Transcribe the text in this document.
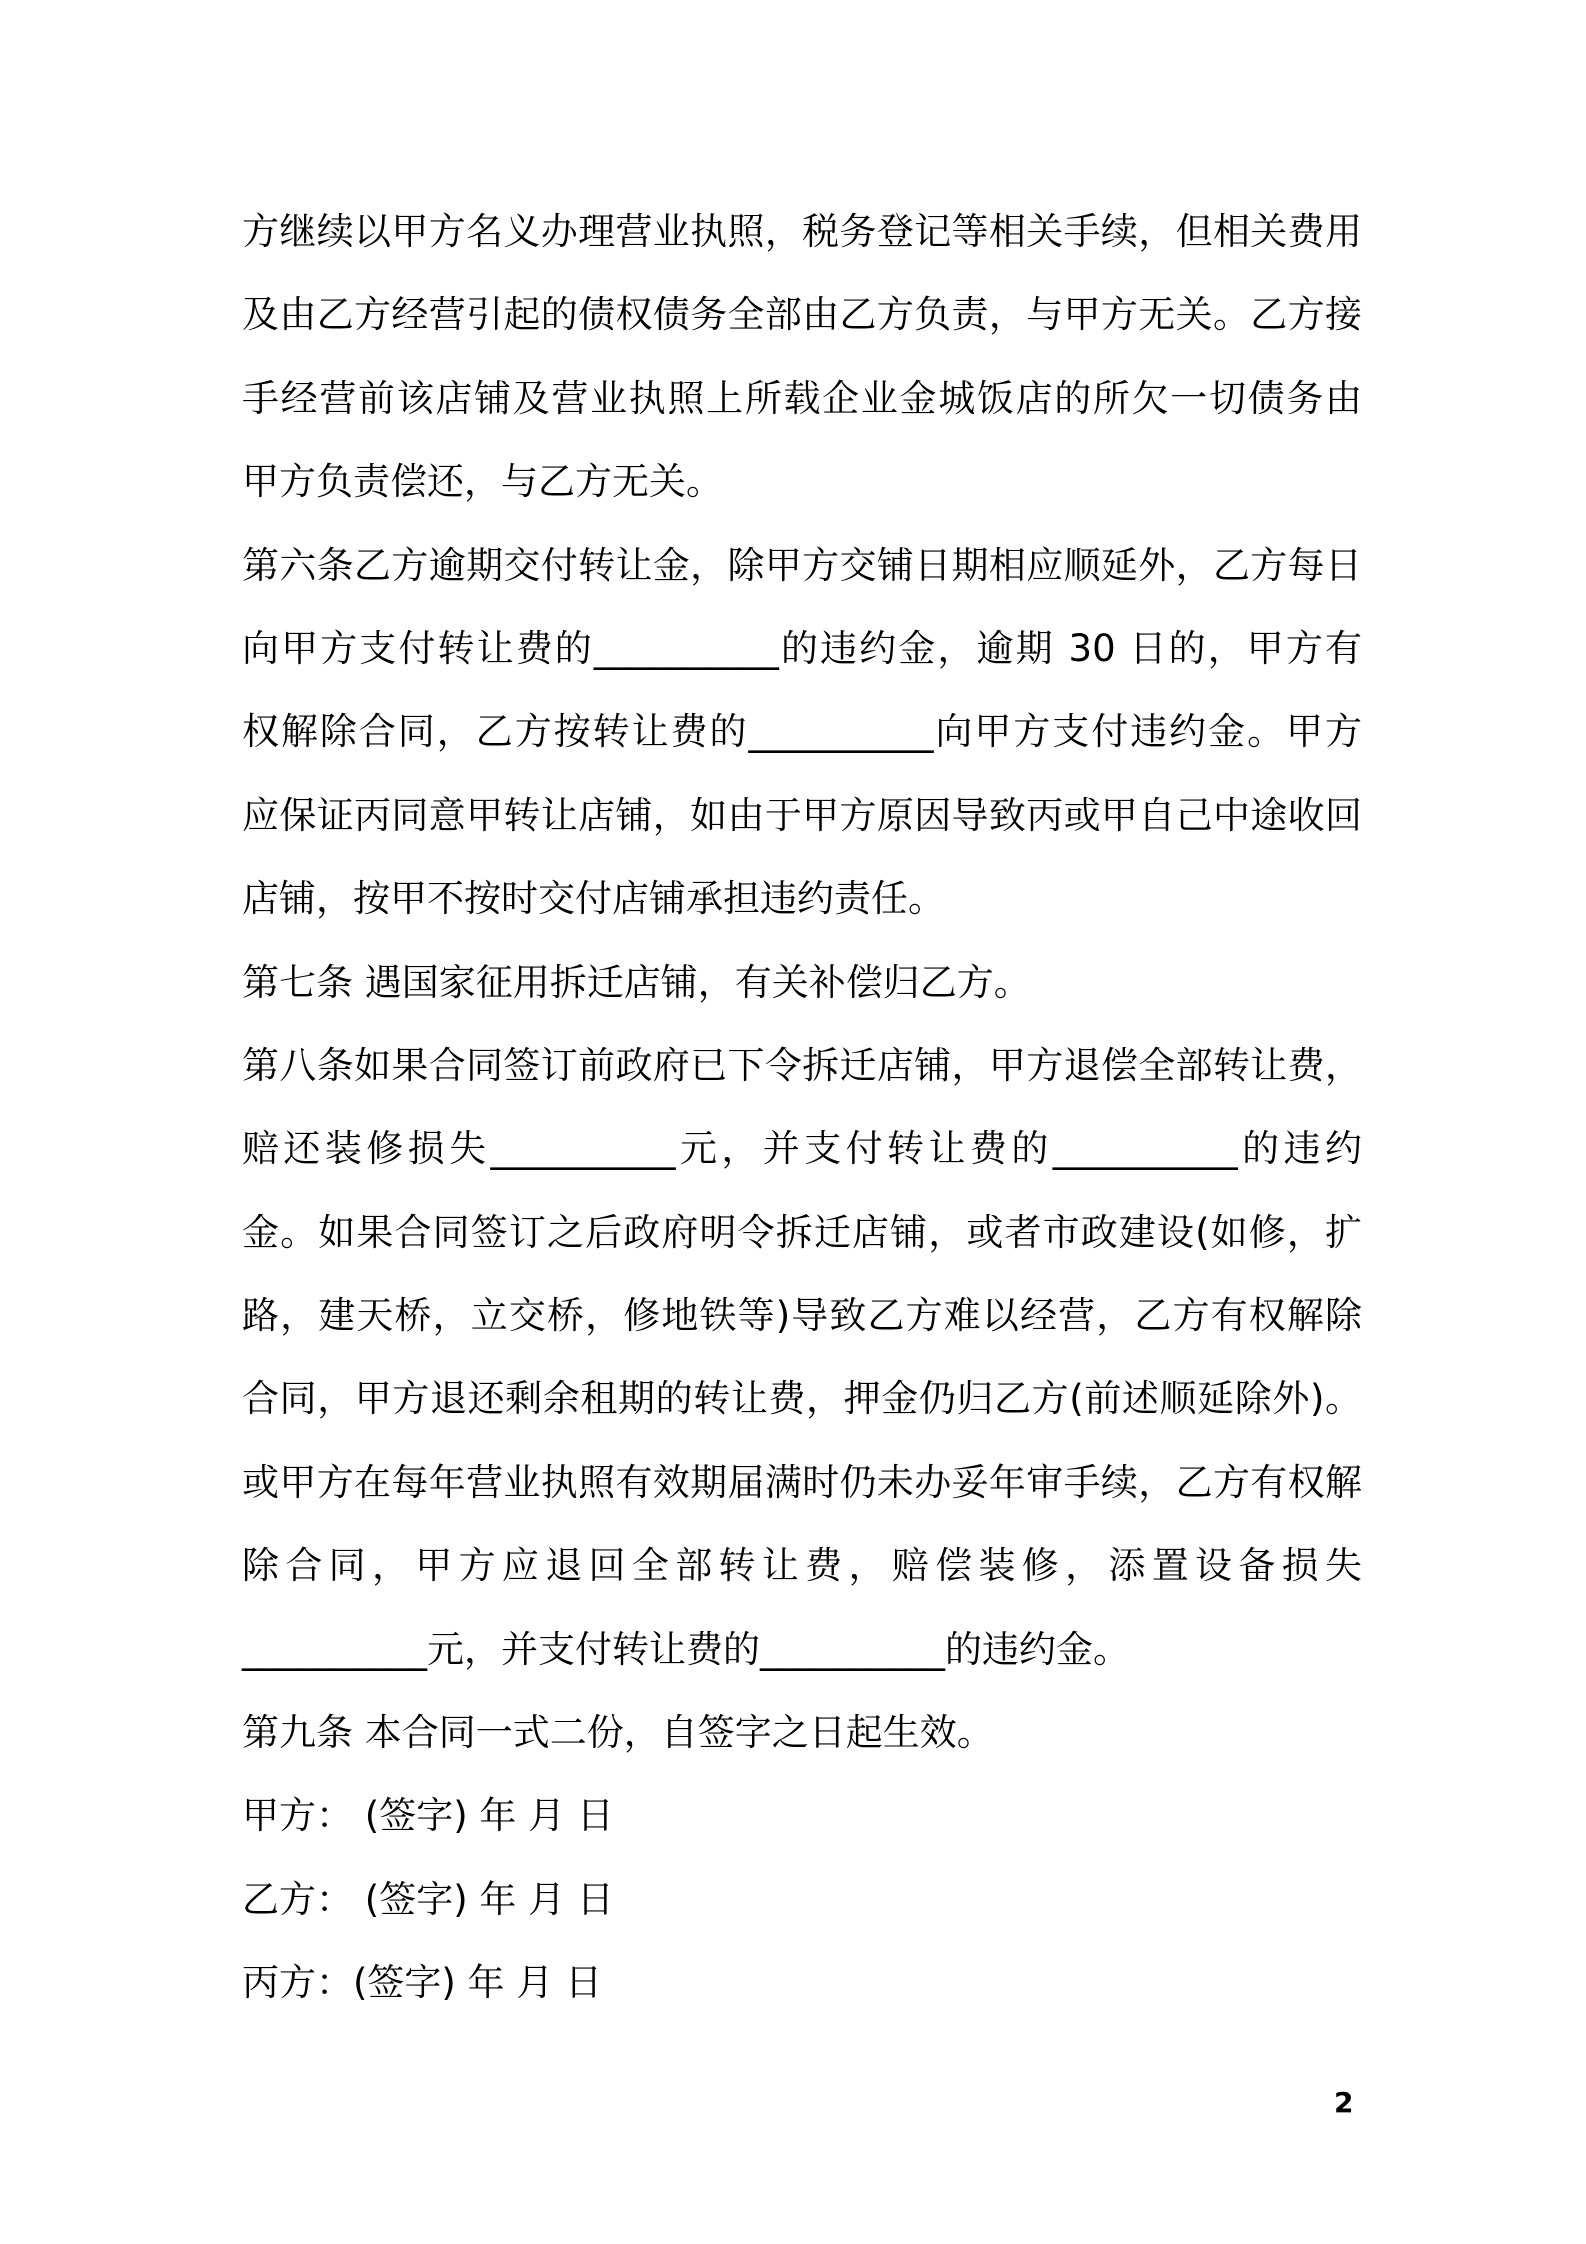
方继续以甲方名义办理营业执照，税务登记等相关手续，但相关费用
及由乙方经营引起的债权债务全部由乙方负责，与甲方无关。乙方接
手经营前该店铺及营业执照上所载企业金城饭店的所欠一切债务由
甲方负责偿还，与乙方无关。
第六条乙方逾期交付转让金，除甲方交铺日期相应顺延外，乙方每日
向甲方支付转让费的__________的违约金，逾期 30 日的，甲方有
权解除合同，乙方按转让费的__________向甲方支付违约金。甲方
应保证丙同意甲转让店铺，如由于甲方原因导致丙或甲自己中途收回
店铺，按甲不按时交付店铺承担违约责任。
第七条 遇国家征用拆迁店铺，有关补偿归乙方。
第八条如果合同签订前政府已下令拆迁店铺，甲方退偿全部转让费，
赔还装修损失__________元，并支付转让费的__________的违约
金。如果合同签订之后政府明令拆迁店铺，或者市政建设(如修，扩
路，建天桥，立交桥，修地铁等)导致乙方难以经营，乙方有权解除
合同，甲方退还剩余租期的转让费，押金仍归乙方(前述顺延除外)。
或甲方在每年营业执照有效期届满时仍未办妥年审手续，乙方有权解
除合同，甲方应退回全部转让费，赔偿装修，添置设备损失
__________元，并支付转让费的__________的违约金。
第九条 本合同一式二份，自签字之日起生效。
甲方： (签字) 年 月 日
乙方： (签字) 年 月 日
丙方：(签字) 年 月 日
2
